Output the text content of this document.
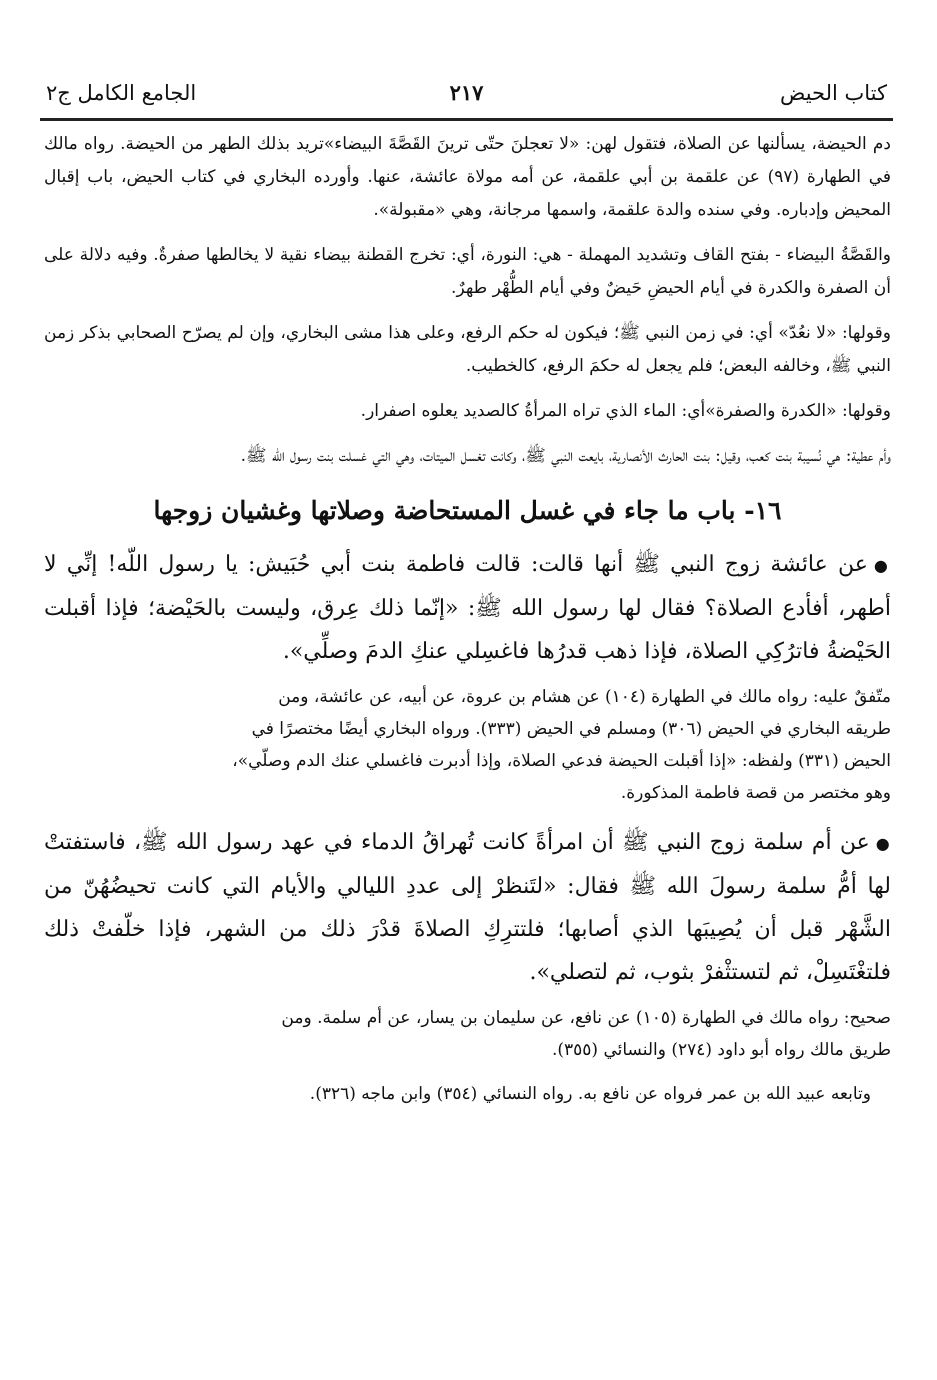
كتاب الحيض
٢١٧
الجامع الكامل ج٢

دم الحيضة، يسألنها عن الصلاة، فتقول لهن: «لا تعجلنَ حتّى ترينَ القَصَّةَ البيضاء»تريد بذلك الطهر من الحيضة. رواه مالك في الطهارة (٩٧) عن علقمة بن أبي علقمة، عن أمه مولاة عائشة، عنها. وأورده البخاري في كتاب الحيض، باب إقبال المحيض وإدباره. وفي سنده والدة علقمة، واسمها مرجانة، وهي «مقبولة».

والقَصَّةُ البيضاء - بفتح القاف وتشديد المهملة - هي: النورة، أي: تخرج القطنة بيضاء نقية لا يخالطها صفرةٌ. وفيه دلالة على أن الصفرة والكدرة في أيام الحيضِ حَيضٌ وفي أيام الطُّهْر طهرٌ.

وقولها: «لا نعُدّ» أي: في زمن النبي ﷺ؛ فيكون له حكم الرفع، وعلى هذا مشى البخاري، وإن لم يصرّح الصحابي بذكر زمن النبي ﷺ، وخالفه البعض؛ فلم يجعل له حكمَ الرفع، كالخطيب.

وقولها: «الكدرة والصفرة»أي: الماء الذي تراه المرأةُ كالصديد يعلوه اصفرار.

وأم عطية: هي نُسيبة بنت كعب، وقيل: بنت الحارث الأنصارية، بايعت النبي ﷺ، وكانت تغسل الميتات، وهي التي غسلت بنت رسول الله ﷺ.

١٦- باب ما جاء في غسل المستحاضة وصلاتها وغشيان زوجها

●عن عائشة زوج النبي ﷺ أنها قالت: قالت فاطمة بنت أبي حُبَيش: يا رسول اللّه! إنِّي لا أطهر، أفأدع الصلاة؟ فقال لها رسول الله ﷺ: «إنّما ذلك عِرق، وليست بالحَيْضة؛ فإذا أقبلت الحَيْضةُ فاترُكِي الصلاة، فإذا ذهب قدرُها فاغسِلي عنكِ الدمَ وصلِّي».

متّفقٌ عليه: رواه مالك في الطهارة (١٠٤) عن هشام بن عروة، عن أبيه، عن عائشة، ومن
طريقه البخاري في الحيض (٣٠٦) ومسلم في الحيض (٣٣٣). ورواه البخاري أيضًا مختصرًا في
الحيض (٣٣١) ولفظه: «إذا أقبلت الحيضة فدعي الصلاة، وإذا أدبرت فاغسلي عنك الدم وصلّي»،
وهو مختصر من قصة فاطمة المذكورة.

●عن أم سلمة زوج النبي ﷺ أن امرأةً كانت تُهراقُ الدماء في عهد رسول الله ﷺ، فاستفتتْ لها أمُّ سلمة رسولَ الله ﷺ فقال: «لتَنظرْ إلى عددِ الليالي والأيام التي كانت تحيضُهُنّ من الشَّهْر قبل أن يُصِيبَها الذي أصابها؛ فلتترِكِ الصلاةَ قدْرَ ذلك من الشهر، فإذا خلّفتْ ذلك فلتغْتَسِلْ، ثم لتستثْفرْ بثوب، ثم لتصلي».

صحيح: رواه مالك في الطهارة (١٠٥) عن نافع، عن سليمان بن يسار، عن أم سلمة. ومن
طريق مالك رواه أبو داود (٢٧٤) والنسائي (٣٥٥).

وتابعه عبيد الله بن عمر فرواه عن نافع به. رواه النسائي (٣٥٤) وابن ماجه (٣٢٦).
